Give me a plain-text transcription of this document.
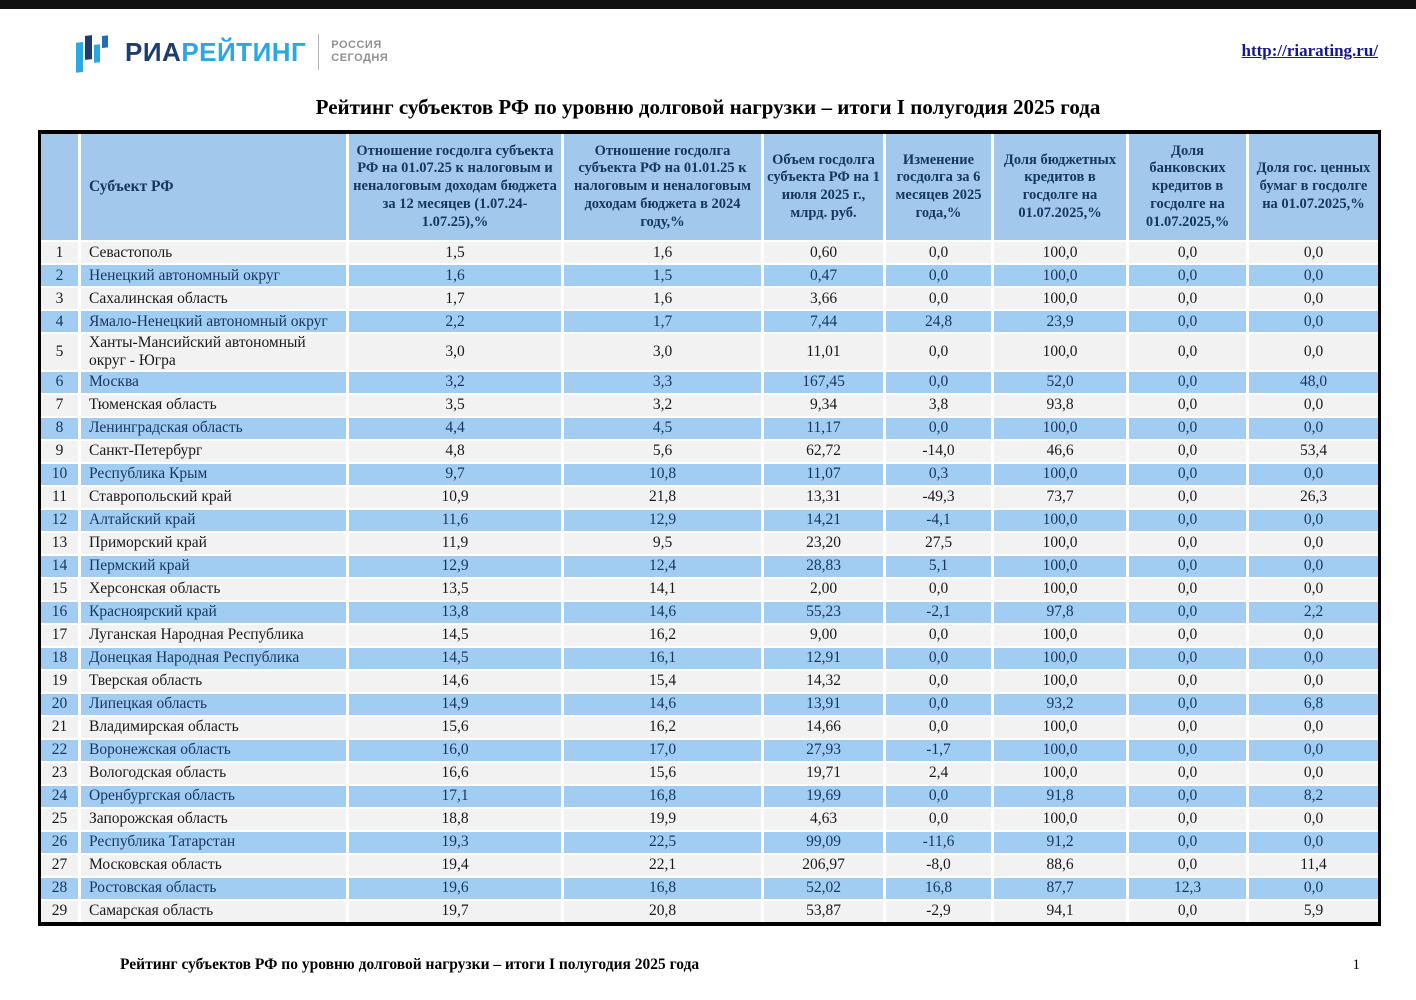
РИАРЕЙТИНГ РОССИЯ
СЕГОДНЯ	http://riarating.ru/
Рейтинг субъектов РФ по уровню долговой нагрузки – итоги I полугодия 2025 года
	Субъект РФ	Отношение госдолга субъекта РФ на 01.07.25 к налоговым и неналоговым доходам бюджета за 12 месяцев (1.07.24-1.07.25),%	Отношение госдолга субъекта РФ на 01.01.25 к налоговым и неналоговым доходам бюджета в 2024 году,%	Объем госдолга субъекта РФ на 1 июля 2025 г., млрд. руб.	Изменение госдолга за 6 месяцев 2025 года,%	Доля бюджетных кредитов в госдолге на 01.07.2025,%	Доля банковских кредитов в госдолге на 01.07.2025,%	Доля гос. ценных бумаг в госдолге на 01.07.2025,%
1	Севастополь	1,5	1,6	0,60	0,0	100,0	0,0	0,0
2	Ненецкий автономный округ	1,6	1,5	0,47	0,0	100,0	0,0	0,0
3	Сахалинская область	1,7	1,6	3,66	0,0	100,0	0,0	0,0
4	Ямало-Ненецкий автономный округ	2,2	1,7	7,44	24,8	23,9	0,0	0,0
5	Ханты-Мансийский автономный округ - Югра	3,0	3,0	11,01	0,0	100,0	0,0	0,0
6	Москва	3,2	3,3	167,45	0,0	52,0	0,0	48,0
7	Тюменская область	3,5	3,2	9,34	3,8	93,8	0,0	0,0
8	Ленинградская область	4,4	4,5	11,17	0,0	100,0	0,0	0,0
9	Санкт-Петербург	4,8	5,6	62,72	-14,0	46,6	0,0	53,4
10	Республика Крым	9,7	10,8	11,07	0,3	100,0	0,0	0,0
11	Ставропольский край	10,9	21,8	13,31	-49,3	73,7	0,0	26,3
12	Алтайский край	11,6	12,9	14,21	-4,1	100,0	0,0	0,0
13	Приморский край	11,9	9,5	23,20	27,5	100,0	0,0	0,0
14	Пермский край	12,9	12,4	28,83	5,1	100,0	0,0	0,0
15	Херсонская область	13,5	14,1	2,00	0,0	100,0	0,0	0,0
16	Красноярский край	13,8	14,6	55,23	-2,1	97,8	0,0	2,2
17	Луганская Народная Республика	14,5	16,2	9,00	0,0	100,0	0,0	0,0
18	Донецкая Народная Республика	14,5	16,1	12,91	0,0	100,0	0,0	0,0
19	Тверская область	14,6	15,4	14,32	0,0	100,0	0,0	0,0
20	Липецкая область	14,9	14,6	13,91	0,0	93,2	0,0	6,8
21	Владимирская область	15,6	16,2	14,66	0,0	100,0	0,0	0,0
22	Воронежская область	16,0	17,0	27,93	-1,7	100,0	0,0	0,0
23	Вологодская область	16,6	15,6	19,71	2,4	100,0	0,0	0,0
24	Оренбургская область	17,1	16,8	19,69	0,0	91,8	0,0	8,2
25	Запорожская область	18,8	19,9	4,63	0,0	100,0	0,0	0,0
26	Республика Татарстан	19,3	22,5	99,09	-11,6	91,2	0,0	0,0
27	Московская область	19,4	22,1	206,97	-8,0	88,6	0,0	11,4
28	Ростовская область	19,6	16,8	52,02	16,8	87,7	12,3	0,0
29	Самарская область	19,7	20,8	53,87	-2,9	94,1	0,0	5,9
Рейтинг субъектов РФ по уровню долговой нагрузки – итоги I полугодия 2025 года	1
